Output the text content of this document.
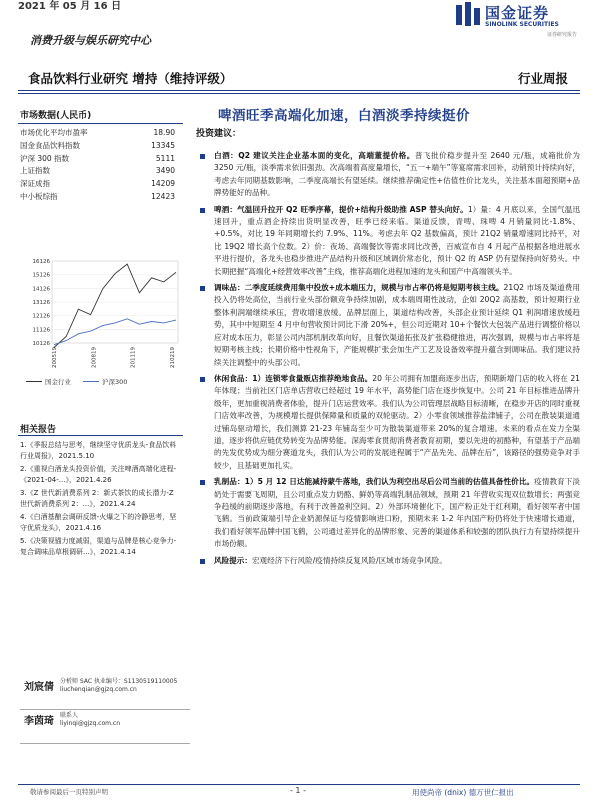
2021 年 05 月 16 日	国金证券
SINOLINK SECURITIES
证券研究报告
消费升级与娱乐研究中心
食品饮料行业研究 增持（维持评级）	行业周报
市场数据(人民币)
市场优化平均市盈率	18.90
国金食品饮料指数	13345
沪深 300 指数	5111
上证指数	3490
深证成指	14209
中小板综指	12423
10126
11126
12126
13126
14126
15126
16126
200519	200819	201119	210219
国金行业	沪深300
相关报告
1.《季报总结与思考，继续坚守优质龙头-食品饮料行业周报》，2021.5.10
2.《重视白酒龙头投资价值，关注啤酒高端化进程-《2021-04-...》，2021.4.26
3.《Z 世代新消费系列 2：新式茶饮的成长潜力-Z 世代新消费系列 2：...》，2021.4.24
4.《白酒基酿会调研反馈-火爆之下的冷静思考，坚守优质龙头》，2021.4.16
5.《决策视锚力度减弱，渠道与品牌是核心竞争力-复合调味品草根调研...》，2021.4.14
刘宸倩
分析师 SAC 执业编号：S1130519110005
liuchenqian@gjzq.com.cn
李茵琦
联系人
liyinqi@gjzq.com.cn
啤酒旺季高端化加速，白酒淡季持续挺价
投资建议：
白酒：Q2 建议关注企业基本面的变化，高端董提价格。普飞批价稳步提升至 2640 元/瓶，成箱批价为 3250 元/瓶，淡季需求依旧强劲。次高端着高度量增长，“五一+端午”等宴席需求回补，动销预计持续向好，考虑去年同期基数影响，二季度高端长有望延续。继续推荐确定性+估值性价比龙头，关注基本面超预期+品牌势能好的品种。
啤酒：气温回升拉开 Q2 旺季序幕，提价+结构升级助推 ASP 替头向好。1）量：4 月底以来，全国气温迅速回升，重点酒企持续出货明显改善，旺季已经来临。渠道反馈，青啤、珠啤 4 月销量同比-1.8%、+0.5%，对比 19 年同期增长约 7.9%、11%。考虑去年 Q2 基数偏高，预计 21Q2 销量增速同比持平，对比 19Q2 增长高个位数。2）价：夜场、高端餐饮等需求同比改善，百威宣布自 4 月起产品根据各地进展水平进行提价，各龙头也稳步推进产品结构升级和区域调价常态化，预计 Q2 的 ASP 仍有望保持向好势头。中长期把握“高端化+经营效率改善”主线，推荐高端化进程加速的龙头和国产中高端领头羊。
调味品：二季度延续费用集中投放+成本端压力，规模与市占率仍将是短期考核主线。21Q2 市场及渠道费用投入仍将处高位，当前行业头部份额竞争持续加剧，成本端周期性波动，企如 20Q2 高基数，预计短期行业整体利润端继续承压，营收增速放缓。品牌层面上，渠道结构改善，头部企业预计延续 Q1 利润增速放缓趋势，其中中短期至 4 月中旬营收预计同比下滑 20%+，但公司近期对 10+个餐饮大包装产品进行调整价格以应对成本压力，彰显公司内部机制改革向好，且餐饮渠道拓张及扩张稳健推进，再次强调，规模与市占率将是短期考核主线；长期价格中性视角下，产能规模扩张会加生产工艺及设备效率提升蕴含到调味品。我们建议持续关注调整中的头部公司。
休闲食品：1）连锁零食量贩店推荐绝地食品。20 年公司拥有加盟商逐步出店，预期新增门店的收入将在 21 年体现；当前社区门店单店营收已经超过 19 年水平，高势能门店在逐步恢复中。公司 21 年目标推进品牌升级年，更加重视消费者体验，提升门店运营效率。我们认为公司管理层战略目标清晰，在稳步开店的同时重视门店效率改善，为规模增长提供保障量和质量的双轮驱动。2）小零食领域推荐盐津铺子，公司在散装渠道通过铺岛驱动增长，我们测算 21-23 年铺岛至少可为散装渠道带来 20%的复合增速。未来的看点在发力全渠道，逐步将供应链优势转变为品牌势能。深海零食贯彻消费者教育初期，要以先进的初酪种，有望基于产品端的先发优势成为细分赛道龙头，我们认为公司的发展进程属于“产品先先、品牌在后”，该路径的强势竞争对手较少，且基础更加扎实。
乳制品：1）5 月 12 日达能减持蒙牛落地，我们认为利空出尽后公司当前的估值具备性价比。疫情教育下淡奶处于需要飞周期，且公司重点发力奶酪、鲜奶等高端乳制品领域，预期 21 年营收实现双位数增长；两强竞争趋缓的前期逐步落地，有利于改善盈利空间。2）外部环境催化下，国产粉正处于红利期，看好领军者中国飞鹤。当前政策端引导企业奶源保证与疫情影响进口粉，预期未来 1-2 年内国产粉仍将处于快速增长通道，我们看好领军品牌中国飞鹤，公司通过差异化的品牌形象、完善的渠道体系和较强的团队执行力有望持续提升市场份额。
风险提示：宏观经济下行风险/疫情持续反复风险/区域市场竞争风险。
敬请参阅最后一页特别声明	- 1 -	用使尚帝 (dnix) 德万世仁报出
